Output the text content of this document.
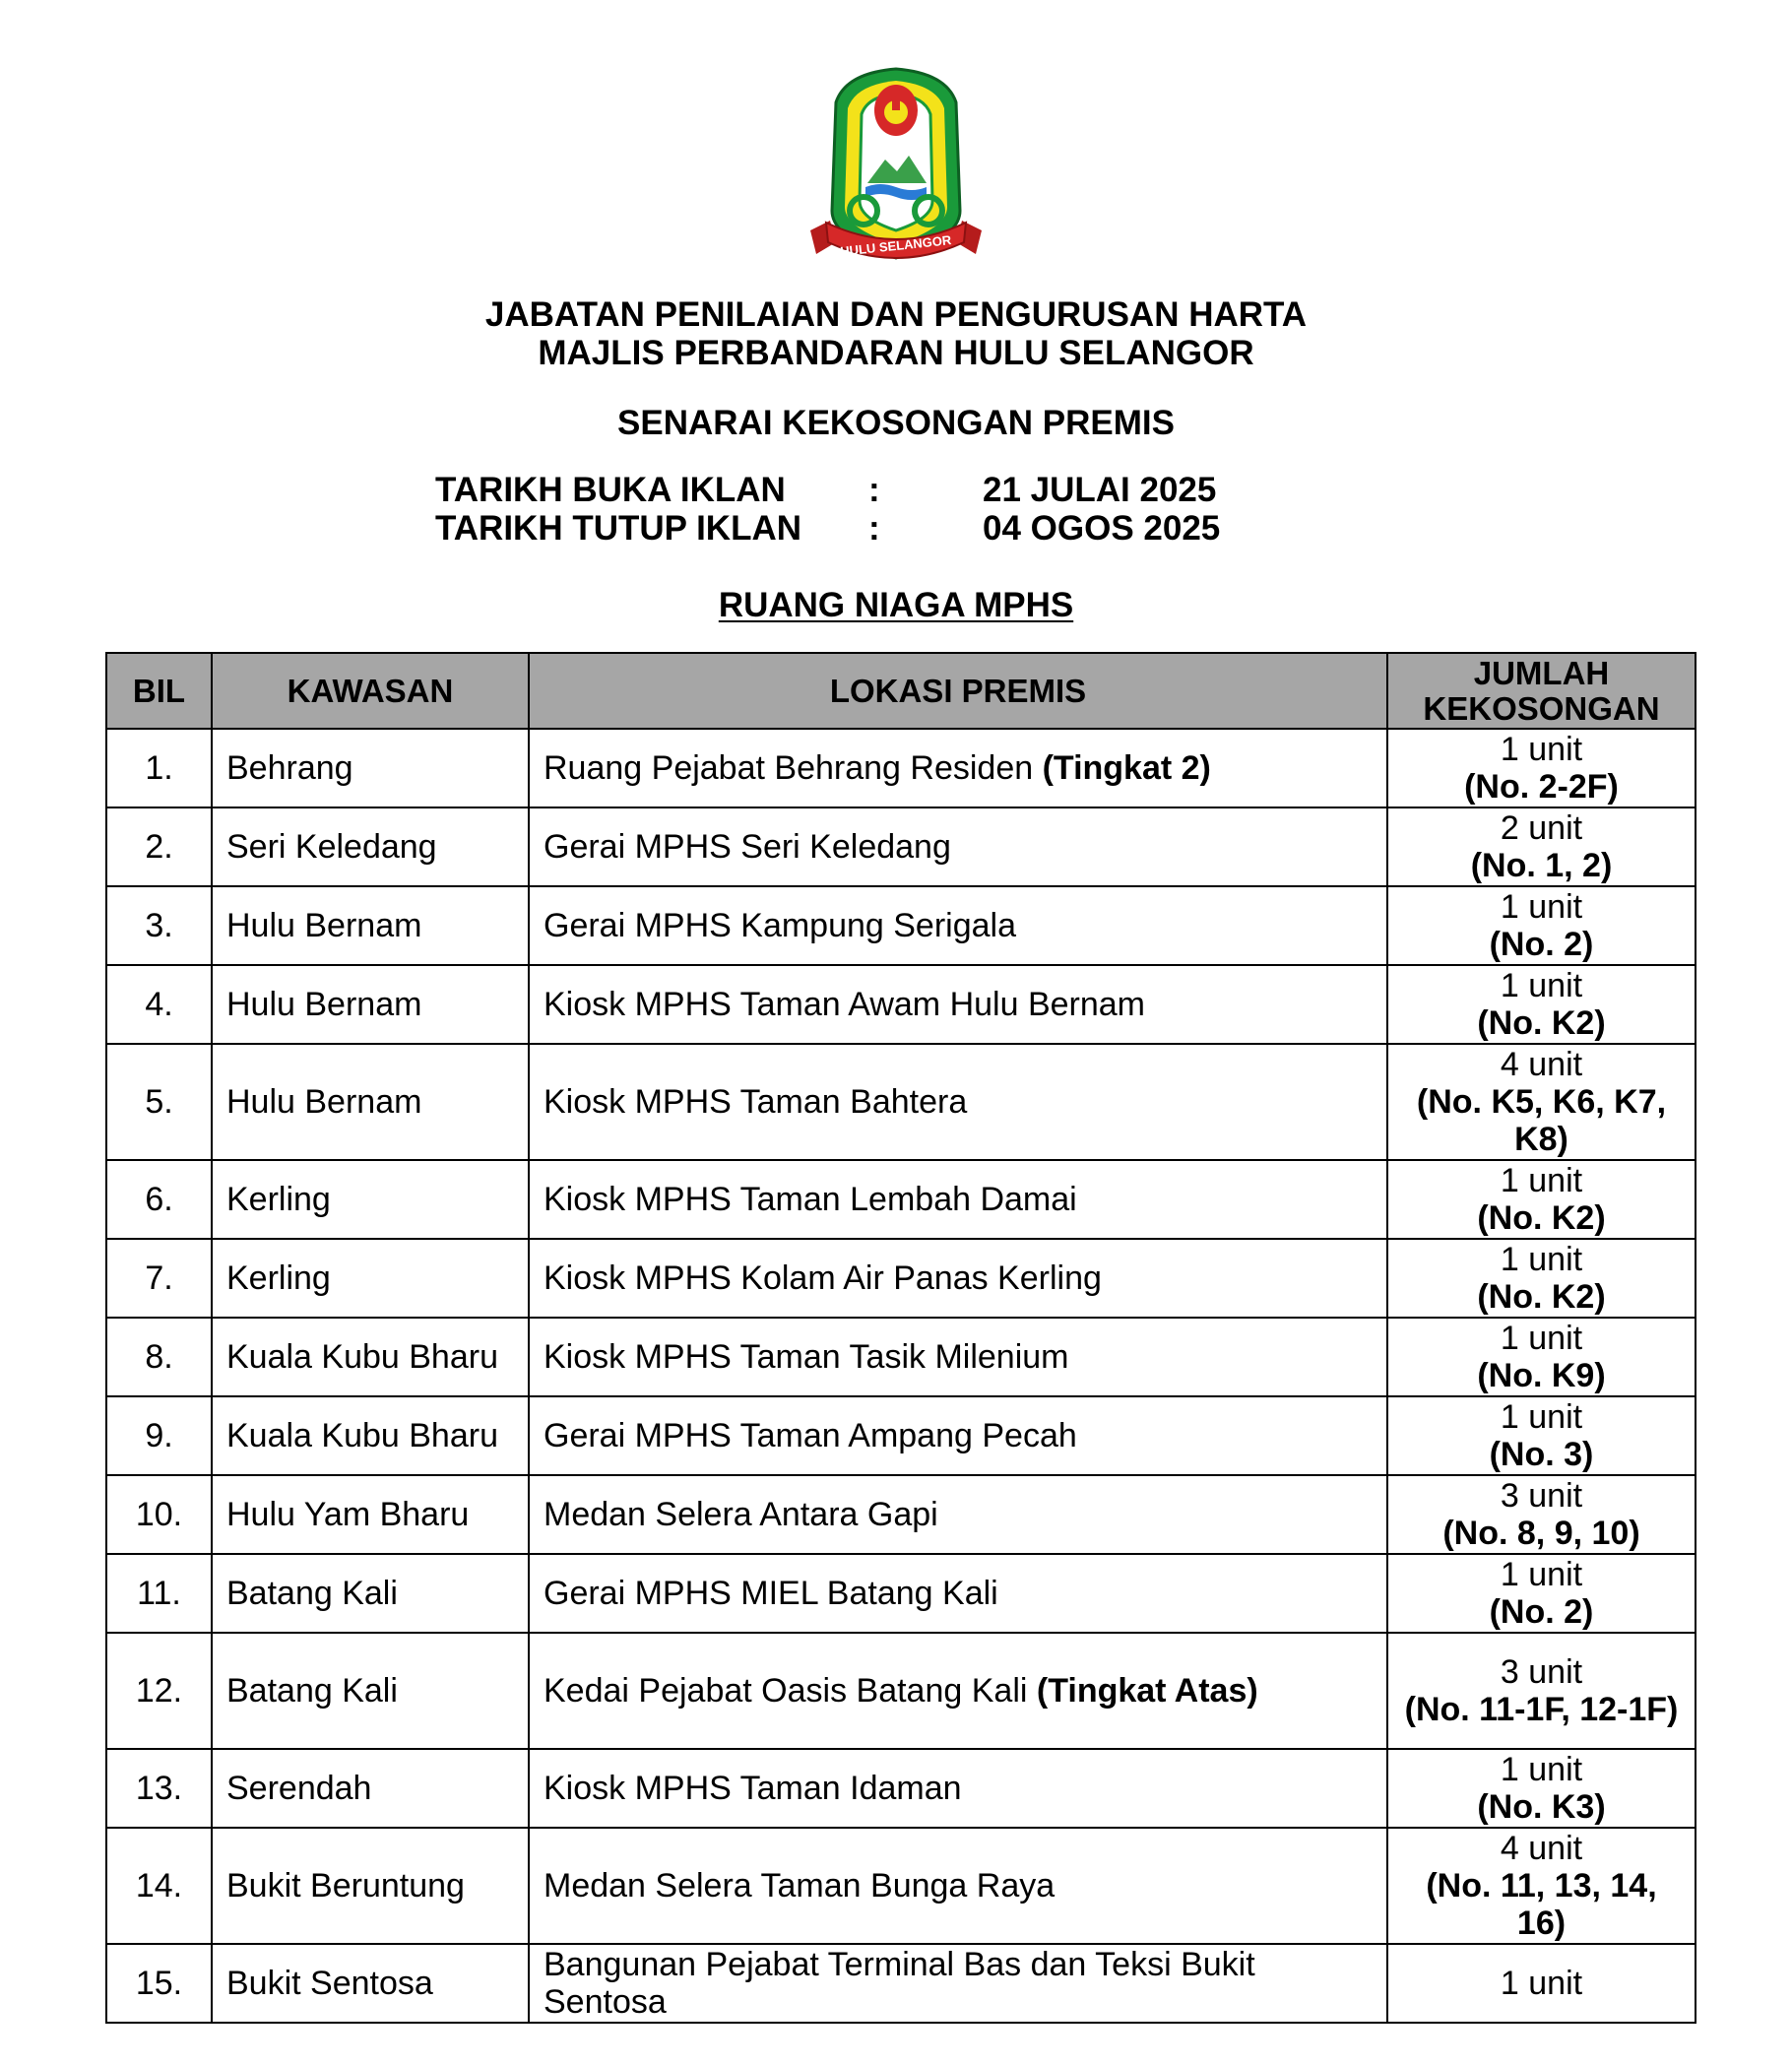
HULU SELANGOR
JABATAN PENILAIAN DAN PENGURUSAN HARTA
MAJLIS PERBANDARAN HULU SELANGOR
SENARAI KEKOSONGAN PREMIS
TARIKH BUKA IKLAN :	21 JULAI 2025
TARIKH TUTUP IKLAN :	04 OGOS 2025
RUANG NIAGA MPHS
BIL	KAWASAN	LOKASI PREMIS	JUMLAH KEKOSONGAN
1.	Behrang	Ruang Pejabat Behrang Residen (Tingkat 2)	1 unit
(No. 2-2F)

2.	Seri Keledang	Gerai MPHS Seri Keledang	2 unit
(No. 1, 2)

3.	Hulu Bernam	Gerai MPHS Kampung Serigala	1 unit
(No. 2)

4.	Hulu Bernam	Kiosk MPHS Taman Awam Hulu Bernam	1 unit
(No. K2)

5.	Hulu Bernam	Kiosk MPHS Taman Bahtera	4 unit
(No. K5, K6, K7, K8)

6.	Kerling	Kiosk MPHS Taman Lembah Damai	1 unit
(No. K2)

7.	Kerling	Kiosk MPHS Kolam Air Panas Kerling	1 unit
(No. K2)

8.	Kuala Kubu Bharu	Kiosk MPHS Taman Tasik Milenium	1 unit
(No. K9)

9.	Kuala Kubu Bharu	Gerai MPHS Taman Ampang Pecah	1 unit
(No. 3)

10.	Hulu Yam Bharu	Medan Selera Antara Gapi	3 unit
(No. 8, 9, 10)

11.	Batang Kali	Gerai MPHS MIEL Batang Kali	1 unit
(No. 2)

12.	Batang Kali	Kedai Pejabat Oasis Batang Kali (Tingkat Atas)	3 unit
(No. 11-1F, 12-1F)

13.	Serendah	Kiosk MPHS Taman Idaman	1 unit
(No. K3)

14.	Bukit Beruntung	Medan Selera Taman Bunga Raya	4 unit
(No. 11, 13, 14, 16)

15.	Bukit Sentosa	Bangunan Pejabat Terminal Bas dan Teksi Bukit Sentosa	1 unit
